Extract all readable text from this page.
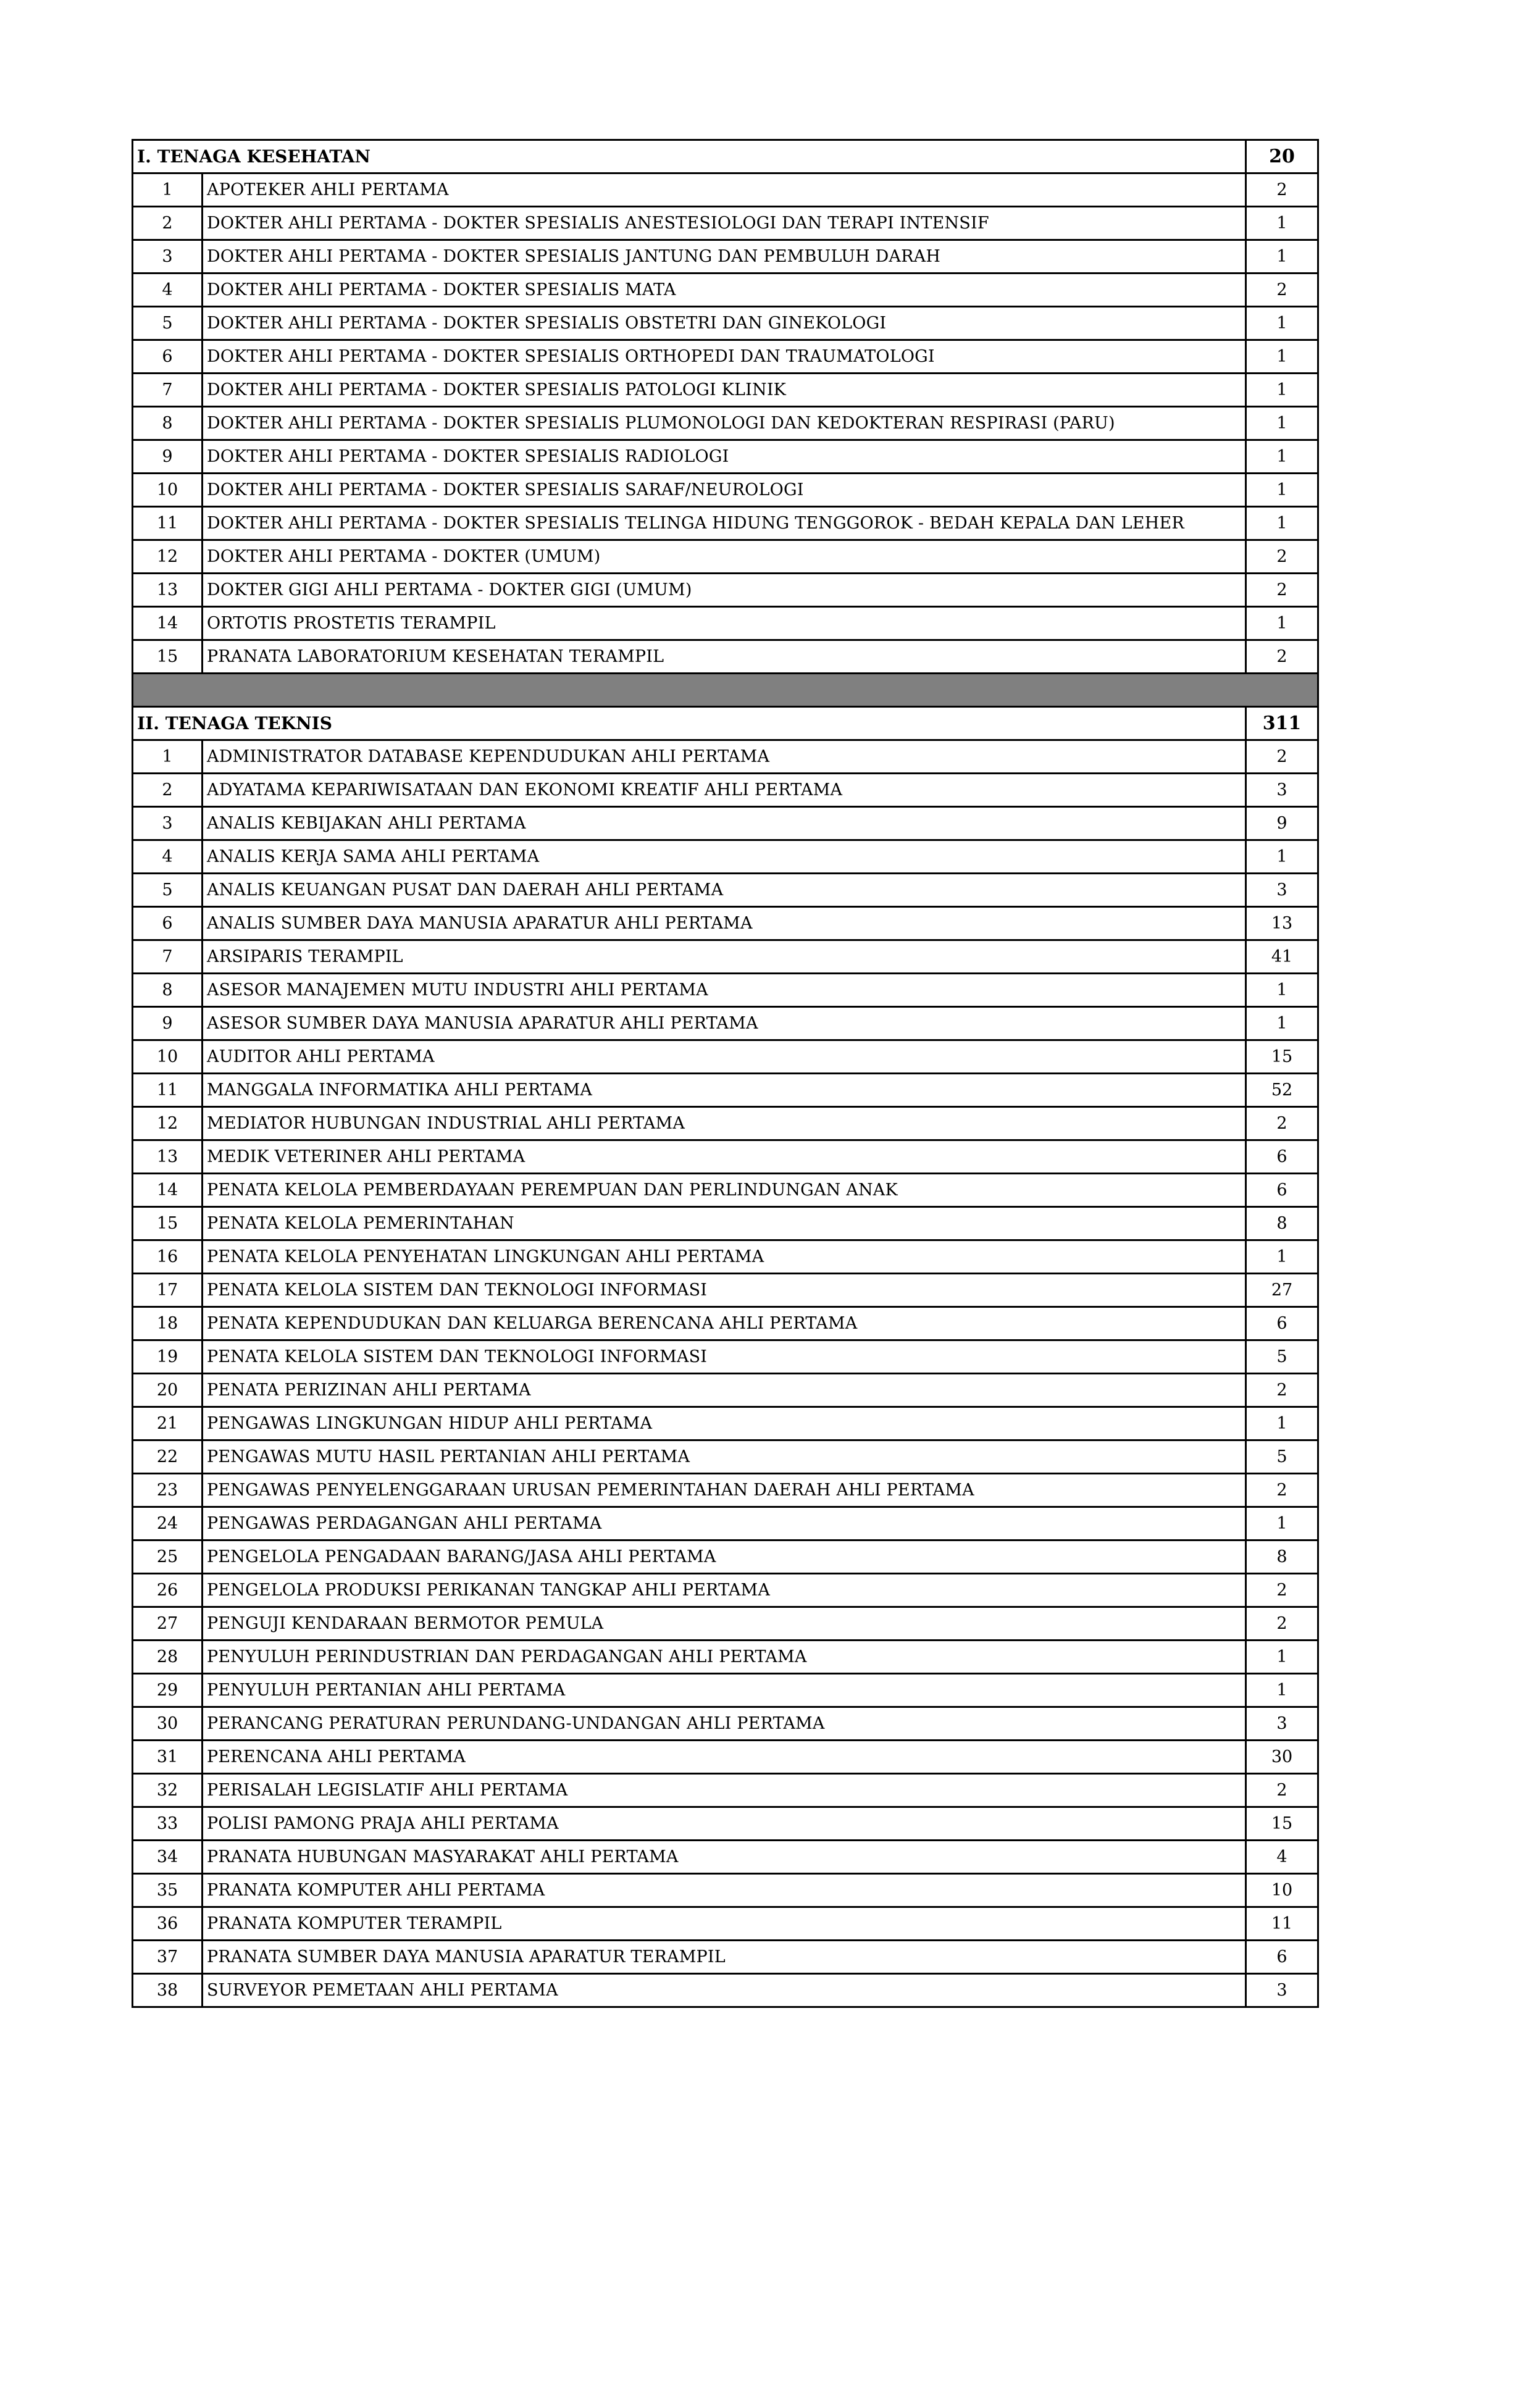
I. TENAGA KESEHATAN		20
1	APOTEKER AHLI PERTAMA	2
2	DOKTER AHLI PERTAMA - DOKTER SPESIALIS ANESTESIOLOGI DAN TERAPI INTENSIF	1
3	DOKTER AHLI PERTAMA - DOKTER SPESIALIS JANTUNG DAN PEMBULUH DARAH	1
4	DOKTER AHLI PERTAMA - DOKTER SPESIALIS MATA	2
5	DOKTER AHLI PERTAMA - DOKTER SPESIALIS OBSTETRI DAN GINEKOLOGI	1
6	DOKTER AHLI PERTAMA - DOKTER SPESIALIS ORTHOPEDI DAN TRAUMATOLOGI	1
7	DOKTER AHLI PERTAMA - DOKTER SPESIALIS PATOLOGI KLINIK	1
8	DOKTER AHLI PERTAMA - DOKTER SPESIALIS PLUMONOLOGI DAN KEDOKTERAN RESPIRASI (PARU)	1
9	DOKTER AHLI PERTAMA - DOKTER SPESIALIS RADIOLOGI	1
10	DOKTER AHLI PERTAMA - DOKTER SPESIALIS SARAF/NEUROLOGI	1
11	DOKTER AHLI PERTAMA - DOKTER SPESIALIS TELINGA HIDUNG TENGGOROK - BEDAH KEPALA DAN LEHER	1
12	DOKTER AHLI PERTAMA - DOKTER (UMUM)	2
13	DOKTER GIGI AHLI PERTAMA - DOKTER GIGI (UMUM)	2
14	ORTOTIS PROSTETIS TERAMPIL	1
15	PRANATA LABORATORIUM KESEHATAN TERAMPIL	2

II. TENAGA TEKNIS		311
1	ADMINISTRATOR DATABASE KEPENDUDUKAN AHLI PERTAMA	2
2	ADYATAMA KEPARIWISATAAN DAN EKONOMI KREATIF AHLI PERTAMA	3
3	ANALIS KEBIJAKAN AHLI PERTAMA	9
4	ANALIS KERJA SAMA AHLI PERTAMA	1
5	ANALIS KEUANGAN PUSAT DAN DAERAH AHLI PERTAMA	3
6	ANALIS SUMBER DAYA MANUSIA APARATUR AHLI PERTAMA	13
7	ARSIPARIS TERAMPIL	41
8	ASESOR MANAJEMEN MUTU INDUSTRI AHLI PERTAMA	1
9	ASESOR SUMBER DAYA MANUSIA APARATUR AHLI PERTAMA	1
10	AUDITOR AHLI PERTAMA	15
11	MANGGALA INFORMATIKA AHLI PERTAMA	52
12	MEDIATOR HUBUNGAN INDUSTRIAL AHLI PERTAMA	2
13	MEDIK VETERINER AHLI PERTAMA	6
14	PENATA KELOLA PEMBERDAYAAN PEREMPUAN DAN PERLINDUNGAN ANAK	6
15	PENATA KELOLA PEMERINTAHAN	8
16	PENATA KELOLA PENYEHATAN LINGKUNGAN AHLI PERTAMA	1
17	PENATA KELOLA SISTEM DAN TEKNOLOGI INFORMASI	27
18	PENATA KEPENDUDUKAN DAN KELUARGA BERENCANA AHLI PERTAMA	6
19	PENATA KELOLA SISTEM DAN TEKNOLOGI INFORMASI	5
20	PENATA PERIZINAN AHLI PERTAMA	2
21	PENGAWAS LINGKUNGAN HIDUP AHLI PERTAMA	1
22	PENGAWAS MUTU HASIL PERTANIAN AHLI PERTAMA	5
23	PENGAWAS PENYELENGGARAAN URUSAN PEMERINTAHAN DAERAH AHLI PERTAMA	2
24	PENGAWAS PERDAGANGAN AHLI PERTAMA	1
25	PENGELOLA PENGADAAN BARANG/JASA AHLI PERTAMA	8
26	PENGELOLA PRODUKSI PERIKANAN TANGKAP AHLI PERTAMA	2
27	PENGUJI KENDARAAN BERMOTOR PEMULA	2
28	PENYULUH PERINDUSTRIAN DAN PERDAGANGAN AHLI PERTAMA	1
29	PENYULUH PERTANIAN AHLI PERTAMA	1
30	PERANCANG PERATURAN PERUNDANG-UNDANGAN AHLI PERTAMA	3
31	PERENCANA AHLI PERTAMA	30
32	PERISALAH LEGISLATIF AHLI PERTAMA	2
33	POLISI PAMONG PRAJA AHLI PERTAMA	15
34	PRANATA HUBUNGAN MASYARAKAT AHLI PERTAMA	4
35	PRANATA KOMPUTER AHLI PERTAMA	10
36	PRANATA KOMPUTER TERAMPIL	11
37	PRANATA SUMBER DAYA MANUSIA APARATUR TERAMPIL	6
38	SURVEYOR PEMETAAN AHLI PERTAMA	3
